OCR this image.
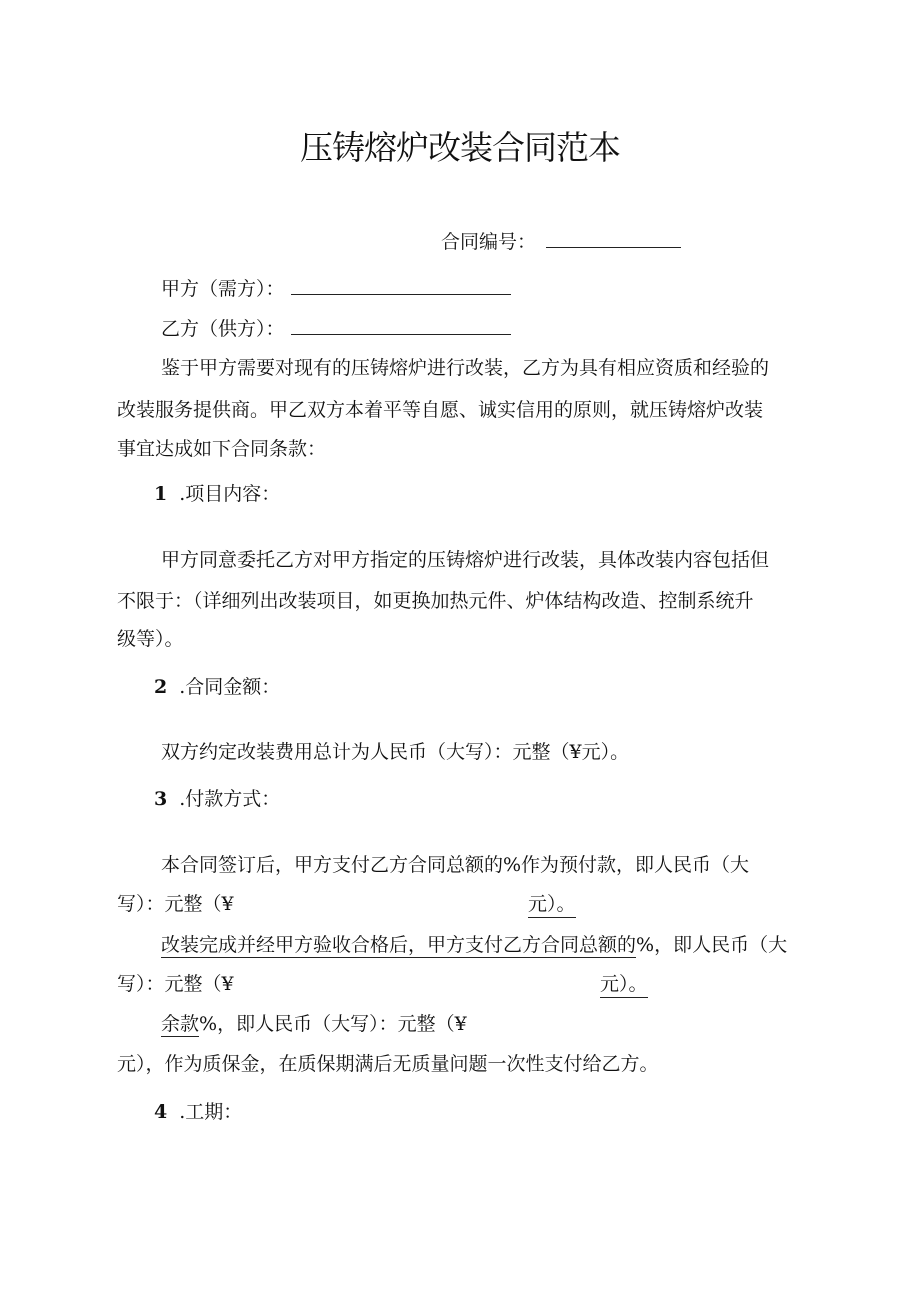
压铸熔炉改装合同范本
合同编号：
甲方（需方）：
乙方（供方）：
鉴于甲方需要对现有的压铸熔炉进行改装，乙方为具有相应资质和经验的
改装服务提供商。甲乙双方本着平等自愿、诚实信用的原则，就压铸熔炉改装
事宜达成如下合同条款：
1 .项目内容：
甲方同意委托乙方对甲方指定的压铸熔炉进行改装，具体改装内容包括但
不限于：（详细列出改装项目，如更换加热元件、炉体结构改造、控制系统升
级等）。
2 .合同金额：
双方约定改装费用总计为人民币（大写）：元整（¥元）。
3 .付款方式：
本合同签订后，甲方支付乙方合同总额的%作为预付款，即人民币（大
写）：元整（¥	元）。
改装完成并经甲方验收合格后，甲方支付乙方合同总额的%，即人民币（大
写）：元整（¥	元）。
余款%，即人民币（大写）：元整（¥
元），作为质保金，在质保期满后无质量问题一次性支付给乙方。
4 .工期：
